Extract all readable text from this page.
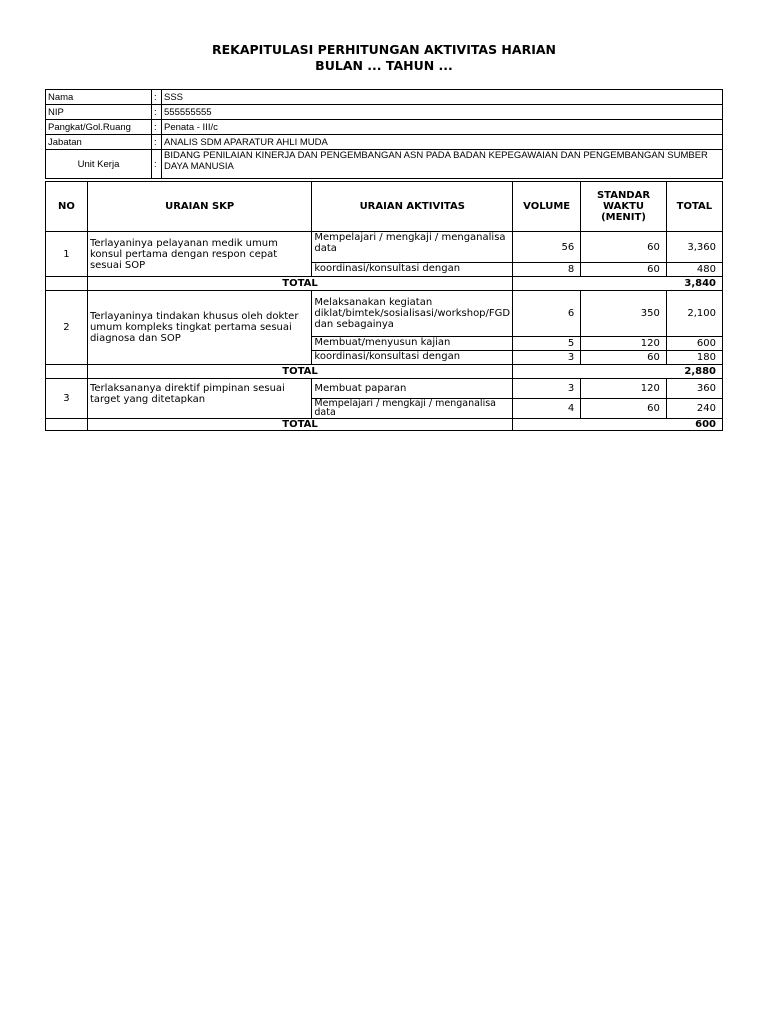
REKAPITULASI PERHITUNGAN AKTIVITAS HARIAN
BULAN ... TAHUN ...
Nama	:	SSS
NIP	:	555555555
Pangkat/Gol.Ruang	:	Penata - III/c
Jabatan	:	ANALIS SDM APARATUR AHLI MUDA
Unit Kerja	:	BIDANG PENILAIAN KINERJA DAN PENGEMBANGAN ASN PADA BADAN KEPEGAWAIAN DAN PENGEMBANGAN SUMBER DAYA MANUSIA
NO	URAIAN SKP	URAIAN AKTIVITAS	VOLUME	STANDAR
WAKTU
(MENIT)	TOTAL
1	Terlayaninya pelayanan medik umum konsul pertama dengan respon cepat sesuai SOP	Mempelajari / mengkaji / menganalisa data	56	60	3,360
		koordinasi/konsultasi dengan	8	60	480
	TOTAL		3,840		
2	Terlayaninya tindakan khusus oleh dokter umum kompleks tingkat pertama sesuai diagnosa dan SOP	Melaksanakan kegiatan diklat/bimtek/sosialisasi/workshop/FGD dan sebagainya	6	350	2,100
		Membuat/menyusun kajian	5	120	600
		koordinasi/konsultasi dengan	3	60	180
	TOTAL		2,880		
3	Terlaksananya direktif pimpinan sesuai target yang ditetapkan	Membuat paparan	3	120	360
		Mempelajari / mengkaji / menganalisa data	4	60	240
	TOTAL		600		
